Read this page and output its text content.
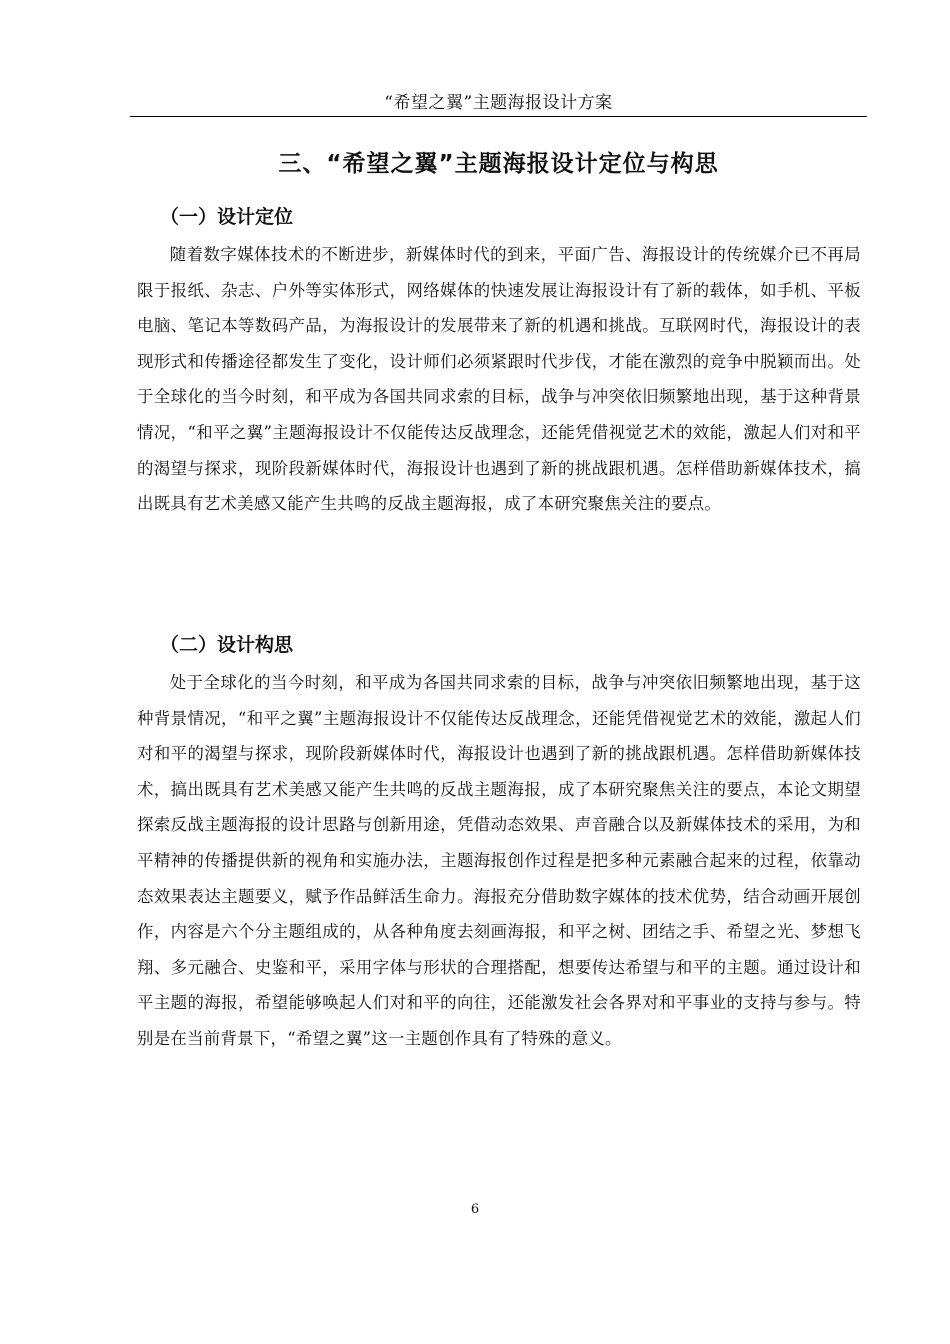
“希望之翼”主题海报设计方案
三、“希望之翼”主题海报设计定位与构思
（一）设计定位

随着数字媒体技术的不断进步，新媒体时代的到来，平面广告、海报设计的传统媒介已不再局限于报纸、杂志、户外等实体形式，网络媒体的快速发展让海报设计有了新的载体，如手机、平板电脑、笔记本等数码产品，为海报设计的发展带来了新的机遇和挑战。互联网时代，海报设计的表现形式和传播途径都发生了变化，设计师们必须紧跟时代步伐，才能在激烈的竞争中脱颖而出。处于全球化的当今时刻，和平成为各国共同求索的目标，战争与冲突依旧频繁地出现，基于这种背景情况，“和平之翼”主题海报设计不仅能传达反战理念，还能凭借视觉艺术的效能，激起人们对和平的渴望与探求，现阶段新媒体时代，海报设计也遇到了新的挑战跟机遇。怎样借助新媒体技术，搞出既具有艺术美感又能产生共鸣的反战主题海报，成了本研究聚焦关注的要点。

（二）设计构思

处于全球化的当今时刻，和平成为各国共同求索的目标，战争与冲突依旧频繁地出现，基于这种背景情况，“和平之翼”主题海报设计不仅能传达反战理念，还能凭借视觉艺术的效能，激起人们对和平的渴望与探求，现阶段新媒体时代，海报设计也遇到了新的挑战跟机遇。怎样借助新媒体技术，搞出既具有艺术美感又能产生共鸣的反战主题海报，成了本研究聚焦关注的要点，本论文期望探索反战主题海报的设计思路与创新用途，凭借动态效果、声音融合以及新媒体技术的采用，为和平精神的传播提供新的视角和实施办法，主题海报创作过程是把多种元素融合起来的过程，依靠动态效果表达主题要义，赋予作品鲜活生命力。海报充分借助数字媒体的技术优势，结合动画开展创作，内容是六个分主题组成的，从各种角度去刻画海报，和平之树、团结之手、希望之光、梦想飞翔、多元融合、史鉴和平，采用字体与形状的合理搭配，想要传达希望与和平的主题。通过设计和平主题的海报，希望能够唤起人们对和平的向往，还能激发社会各界对和平事业的支持与参与。特别是在当前背景下，“希望之翼”这一主题创作具有了特殊的意义。

6
